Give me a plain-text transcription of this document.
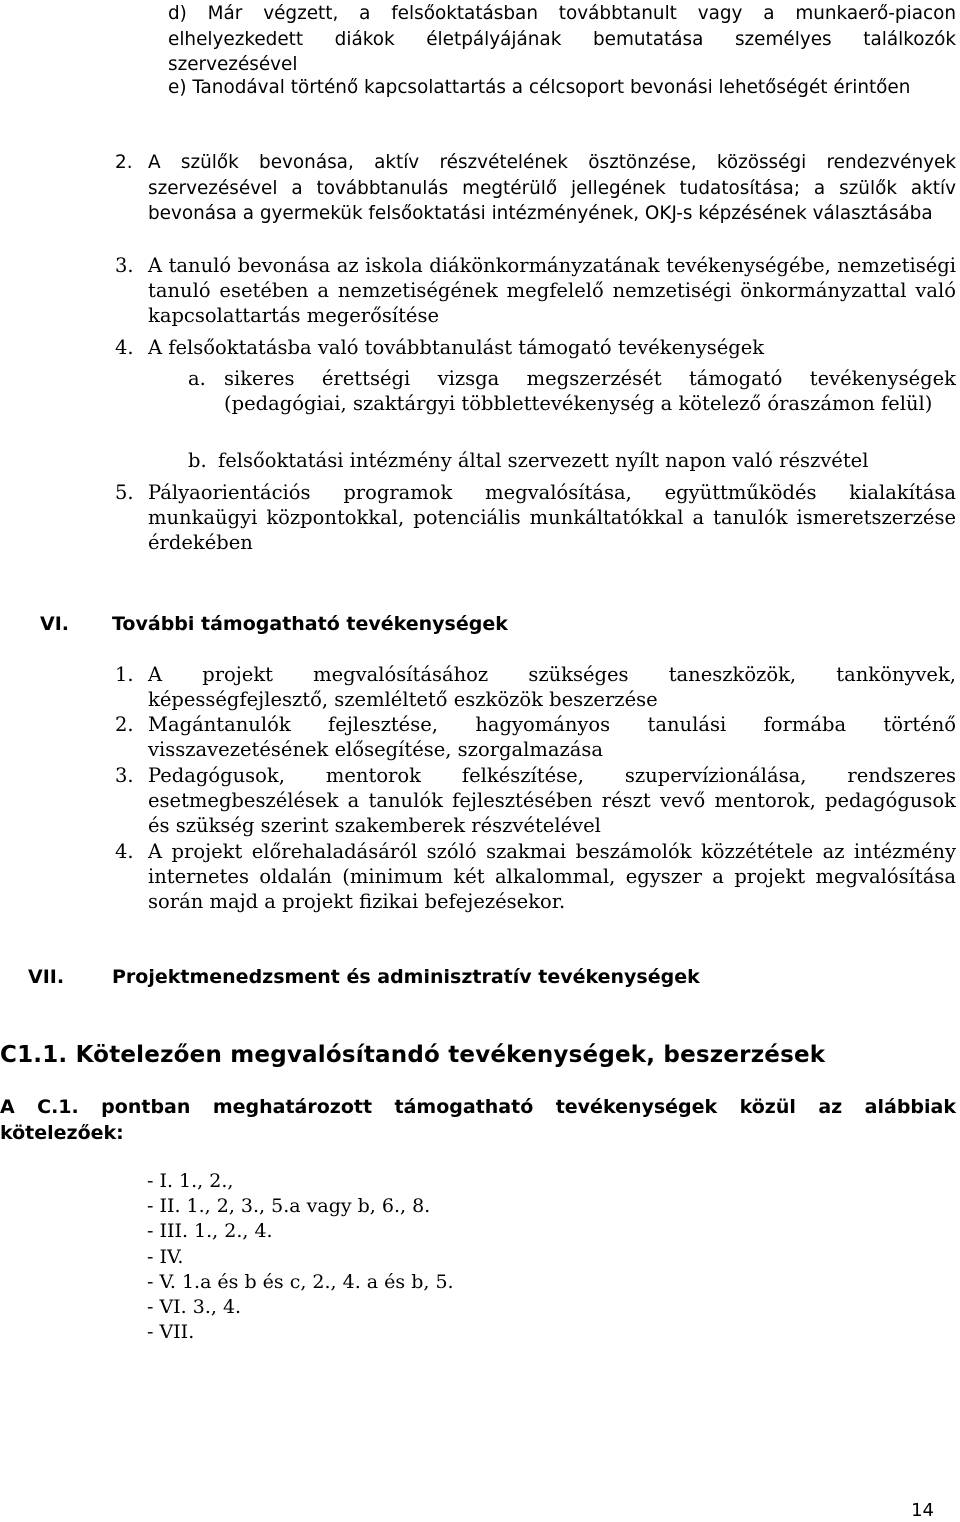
d) Már végzett, a felsőoktatásban továbbtanult vagy a munkaerő-piacon elhelyezkedett diákok életpályájának bemutatása személyes találkozók szervezésével

e) Tanodával történő kapcsolattartás a célcsoport bevonási lehetőségét érintően

2. A szülők bevonása, aktív részvételének ösztönzése, közösségi rendezvények szervezésével a továbbtanulás megtérülő jellegének tudatosítása; a szülők aktív bevonása a gyermekük felsőoktatási intézményének, OKJ-s képzésének választásába
3. A tanuló bevonása az iskola diákönkormányzatának tevékenységébe, nemzetiségi tanuló esetében a nemzetiségének megfelelő nemzetiségi önkormányzattal való kapcsolattartás megerősítése
4. A felsőoktatásba való továbbtanulást támogató tevékenységek
a. sikeres érettségi vizsga megszerzését támogató tevékenységek (pedagógiai, szaktárgyi többlettevékenység a kötelező óraszámon felül)
b. felsőoktatási intézmény által szervezett nyílt napon való részvétel
5. Pályaorientációs programok megvalósítása, együttműködés kialakítása munkaügyi központokkal, potenciális munkáltatókkal a tanulók ismeretszerzése érdekében
VI. További támogatható tevékenységek
1. A projekt megvalósításához szükséges taneszközök, tankönyvek, képességfejlesztő, szemléltető eszközök beszerzése
2. Magántanulók fejlesztése, hagyományos tanulási formába történő visszavezetésének elősegítése, szorgalmazása
3. Pedagógusok, mentorok felkészítése, szupervízionálása, rendszeres esetmegbeszélések a tanulók fejlesztésében részt vevő mentorok, pedagógusok és szükség szerint szakemberek részvételével
4. A projekt előrehaladásáról szóló szakmai beszámolók közzététele az intézmény internetes oldalán (minimum két alkalommal, egyszer a projekt megvalósítása során majd a projekt fizikai befejezésekor.
VII.	Projektmenedzsment és adminisztratív tevékenységek
C1.1. Kötelezően megvalósítandó tevékenységek, beszerzések

A C.1. pontban meghatározott támogatható tevékenységek közül az alábbiak kötelezőek:

- I. 1., 2.,
- II. 1., 2, 3., 5.a vagy b, 6., 8.
- III. 1., 2., 4.
- IV.
- V. 1.a és b és c, 2., 4. a és b, 5.
- VI. 3., 4.
- VII.
14
